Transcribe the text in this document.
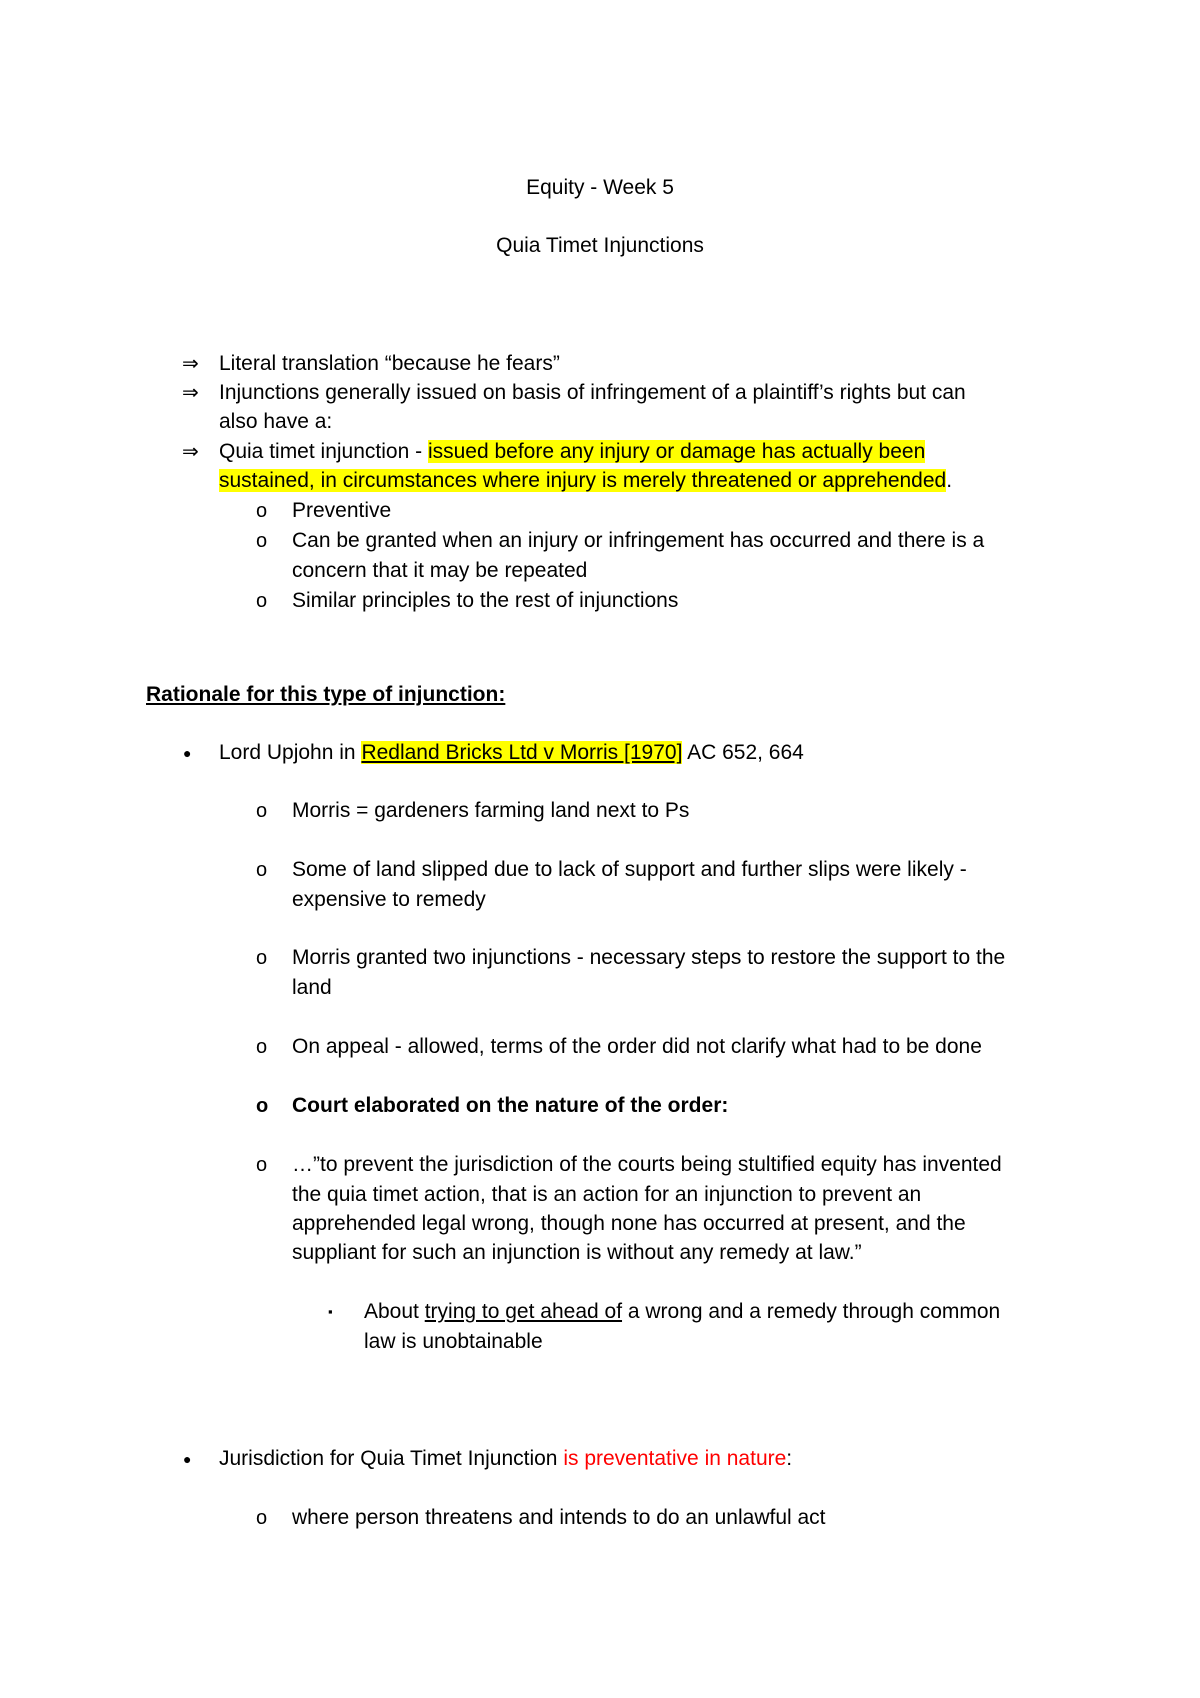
Equity - Week 5
Quia Timet Injunctions
⇒ Literal translation “because he fears”
⇒ Injunctions generally issued on basis of infringement of a plaintiff’s rights but can
also have a:
⇒ Quia timet injunction - issued before any injury or damage has actually been
sustained, in circumstances where injury is merely threatened or apprehended.
o Preventive
o Can be granted when an injury or infringement has occurred and there is a
concern that it may be repeated
o Similar principles to the rest of injunctions
Rationale for this type of injunction:
● Lord Upjohn in Redland Bricks Ltd v Morris [1970] AC 652, 664
o Morris = gardeners farming land next to Ps
o Some of land slipped due to lack of support and further slips were likely -
expensive to remedy
o Morris granted two injunctions - necessary steps to restore the support to the
land
o On appeal - allowed, terms of the order did not clarify what had to be done
o Court elaborated on the nature of the order:
o …”to prevent the jurisdiction of the courts being stultified equity has invented
the quia timet action, that is an action for an injunction to prevent an
apprehended legal wrong, though none has occurred at present, and the
suppliant for such an injunction is without any remedy at law.”
▪ About trying to get ahead of a wrong and a remedy through common
law is unobtainable
● Jurisdiction for Quia Timet Injunction is preventative in nature:
o where person threatens and intends to do an unlawful act
